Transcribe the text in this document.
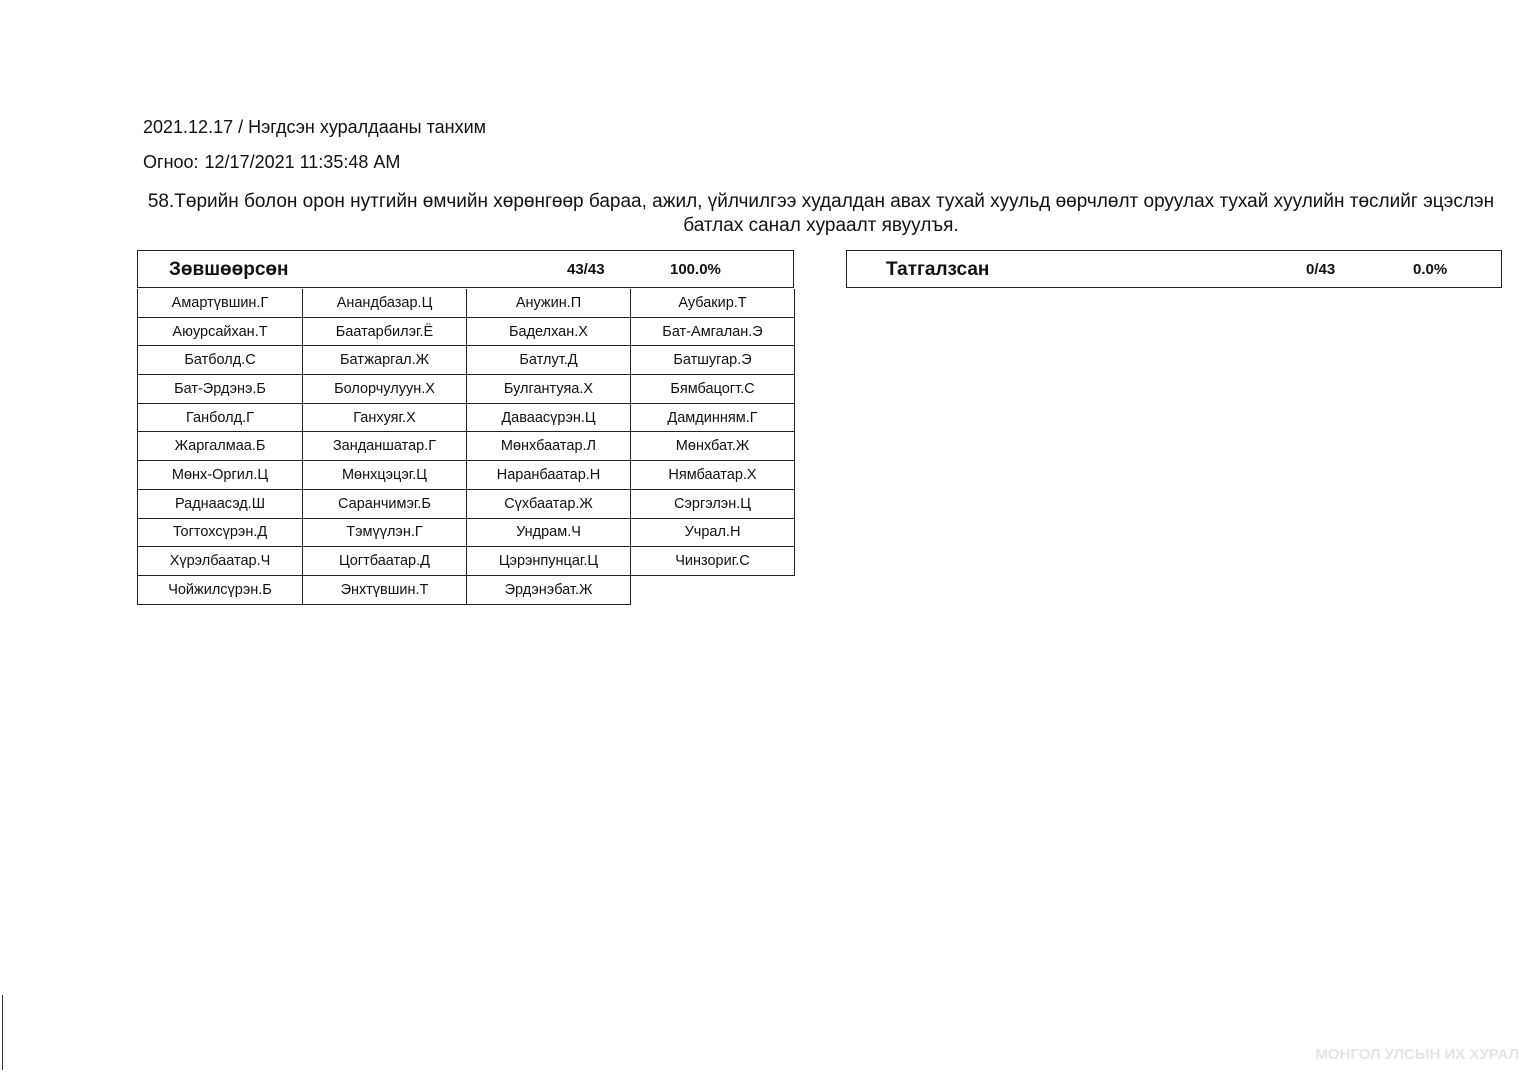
2021.12.17 / Нэгдсэн хуралдааны танхим
Огноо: 12/17/2021 11:35:48 AM
58.Төрийн болон орон нутгийн өмчийн хөрөнгөөр бараа, ажил, үйлчилгээ худалдан авах тухай хуульд өөрчлөлт оруулах тухай хуулийн төслийг эцэслэн батлах санал хураалт явуулъя.
Зөвшөөрсөн	43/43	100.0%	Татгалзсан	0/43	0.0%
Амартүвшин.Г	Анандбазар.Ц	Анужин.П	Аубакир.Т
Аюурсайхан.Т	Баатарбилэг.Ё	Баделхан.Х	Бат-Амгалан.Э
Батболд.С	Батжаргал.Ж	Батлут.Д	Батшугар.Э
Бат-Эрдэнэ.Б	Болорчулуун.Х	Булгантуяа.Х	Бямбацогт.С
Ганболд.Г	Ганхуяг.Х	Даваасүрэн.Ц	Дамдинням.Г
Жаргалмаа.Б	Занданшатар.Г	Мөнхбаатар.Л	Мөнхбат.Ж
Мөнх-Оргил.Ц	Мөнхцэцэг.Ц	Наранбаатар.Н	Нямбаатар.Х
Раднаасэд.Ш	Саранчимэг.Б	Сүхбаатар.Ж	Сэргэлэн.Ц
Тогтохсүрэн.Д	Тэмүүлэн.Г	Ундрам.Ч	Учрал.Н
Хүрэлбаатар.Ч	Цогтбаатар.Д	Цэрэнпунцаг.Ц	Чинзориг.С
Чойжилсүрэн.Б	Энхтүвшин.Т	Эрдэнэбат.Ж
МОНГОЛ УЛСЫН ИХ ХУРАЛ
